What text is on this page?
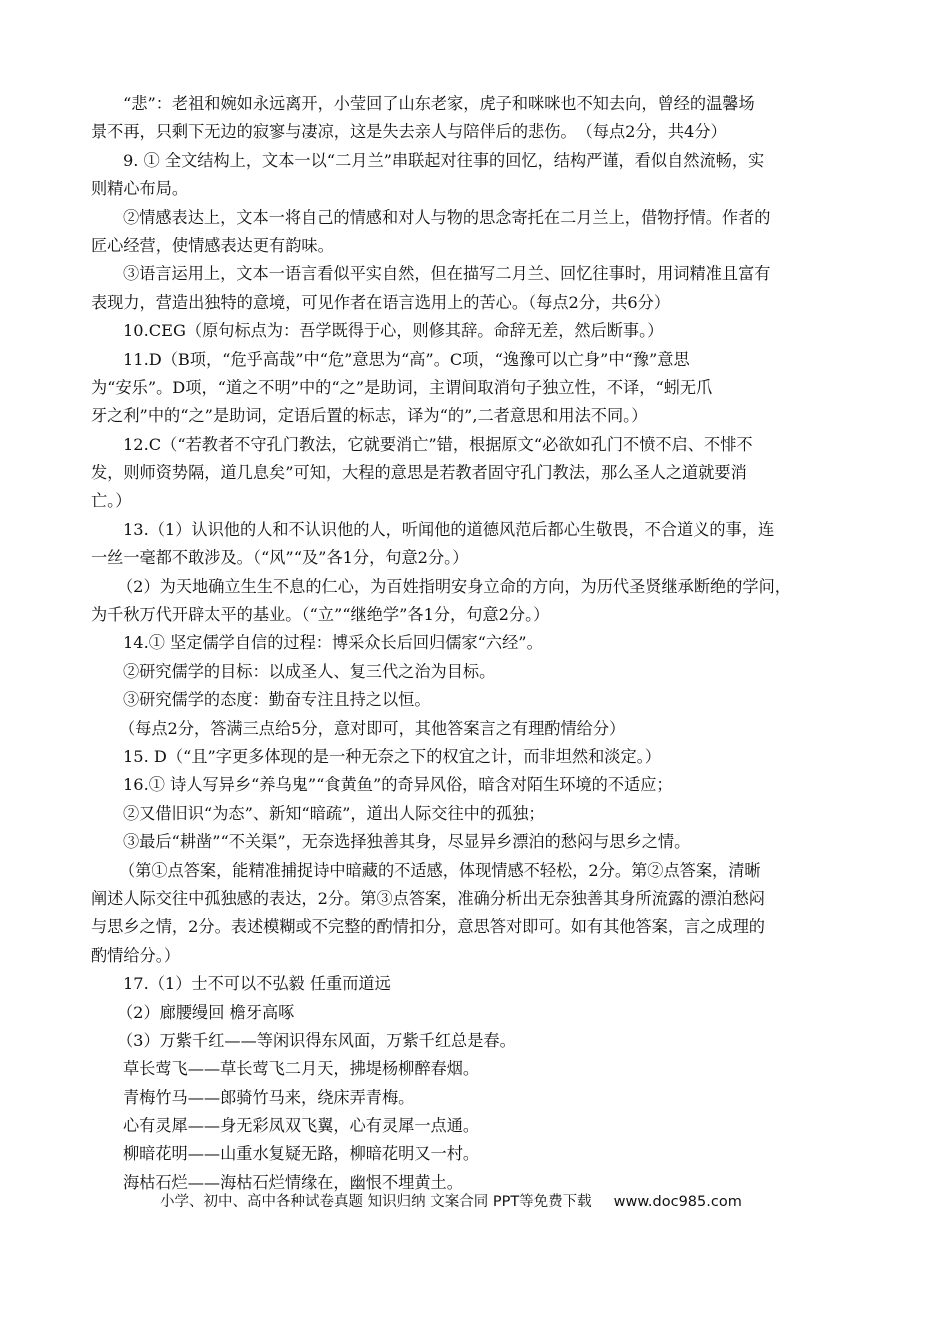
“悲”：老祖和婉如永远离开，小莹回了山东老家，虎子和咪咪也不知去向，曾经的温馨场
景不再，只剩下无边的寂寥与凄凉，这是失去亲人与陪伴后的悲伤。　（每点2分，共4分）
9. ① 全文结构上，文本一以“二月兰”串联起对往事的回忆，结构严谨，看似自然流畅，实
则精心布局。
②情感表达上，文本一将自己的情感和对人与物的思念寄托在二月兰上，借物抒情。作者的
匠心经营，使情感表达更有韵味。
③语言运用上，文本一语言看似平实自然，但在描写二月兰、回忆往事时，用词精准且富有
表现力，营造出独特的意境，可见作者在语言选用上的苦心。（每点2分，共6分）
10.CEG（原句标点为：吾学既得于心，则修其辞。命辞无差，然后断事。）
11.D（B项，“危乎高哉”中“危”意思为“高”。C项，“逸豫可以亡身”中“豫”意思
为“安乐”。D项，“道之不明”中的“之”是助词，主谓间取消句子独立性，不译，“蚓无爪
牙之利”中的“之”是助词，定语后置的标志，译为“的”,二者意思和用法不同。）
12.C（“若教者不守孔门教法，它就要消亡”错，根据原文“必欲如孔门不愤不启、不悱不
发，则师资势隔，道几息矣”可知，大程的意思是若教者固守孔门教法，那么圣人之道就要消
亡。）
13.（1）认识他的人和不认识他的人，听闻他的道德风范后都心生敬畏，不合道义的事，连
一丝一毫都不敢涉及。（“风”“及”各1分，句意2分。）
（2）为天地确立生生不息的仁心，为百姓指明安身立命的方向，为历代圣贤继承断绝的学问，
为千秋万代开辟太平的基业。（“立”“继绝学”各1分，句意2分。）
14.① 坚定儒学自信的过程：博采众长后回归儒家“六经”。
②研究儒学的目标：以成圣人、复三代之治为目标。
③研究儒学的态度：勤奋专注且持之以恒。
（每点2分，答满三点给5分，意对即可，其他答案言之有理酌情给分）
15. D（“且”字更多体现的是一种无奈之下的权宜之计，而非坦然和淡定。）
16.① 诗人写异乡“养乌鬼”“食黄鱼”的奇异风俗，暗含对陌生环境的不适应；
②又借旧识“为态”、新知“暗疏”，道出人际交往中的孤独；
③最后“耕凿”“不关渠”，无奈选择独善其身，尽显异乡漂泊的愁闷与思乡之情。
（第①点答案，能精准捕捉诗中暗藏的不适感，体现情感不轻松，2分。第②点答案，清晰
阐述人际交往中孤独感的表达，2分。第③点答案，准确分析出无奈独善其身所流露的漂泊愁闷
与思乡之情，2分。表述模糊或不完整的酌情扣分，意思答对即可。如有其他答案，言之成理的
酌情给分。）
17.（1）士不可以不弘毅 任重而道远
（2）廊腰缦回 檐牙高啄
（3）万紫千红——等闲识得东风面，万紫千红总是春。
草长莺飞——草长莺飞二月天，拂堤杨柳醉春烟。
青梅竹马——郎骑竹马来，绕床弄青梅。
心有灵犀——身无彩凤双飞翼，心有灵犀一点通。
柳暗花明——山重水复疑无路，柳暗花明又一村。
海枯石烂——海枯石烂情缘在，幽恨不埋黄土。
小学、初中、高中各种试卷真题 知识归纳 文案合同 PPT等免费下载 www.doc985.com
